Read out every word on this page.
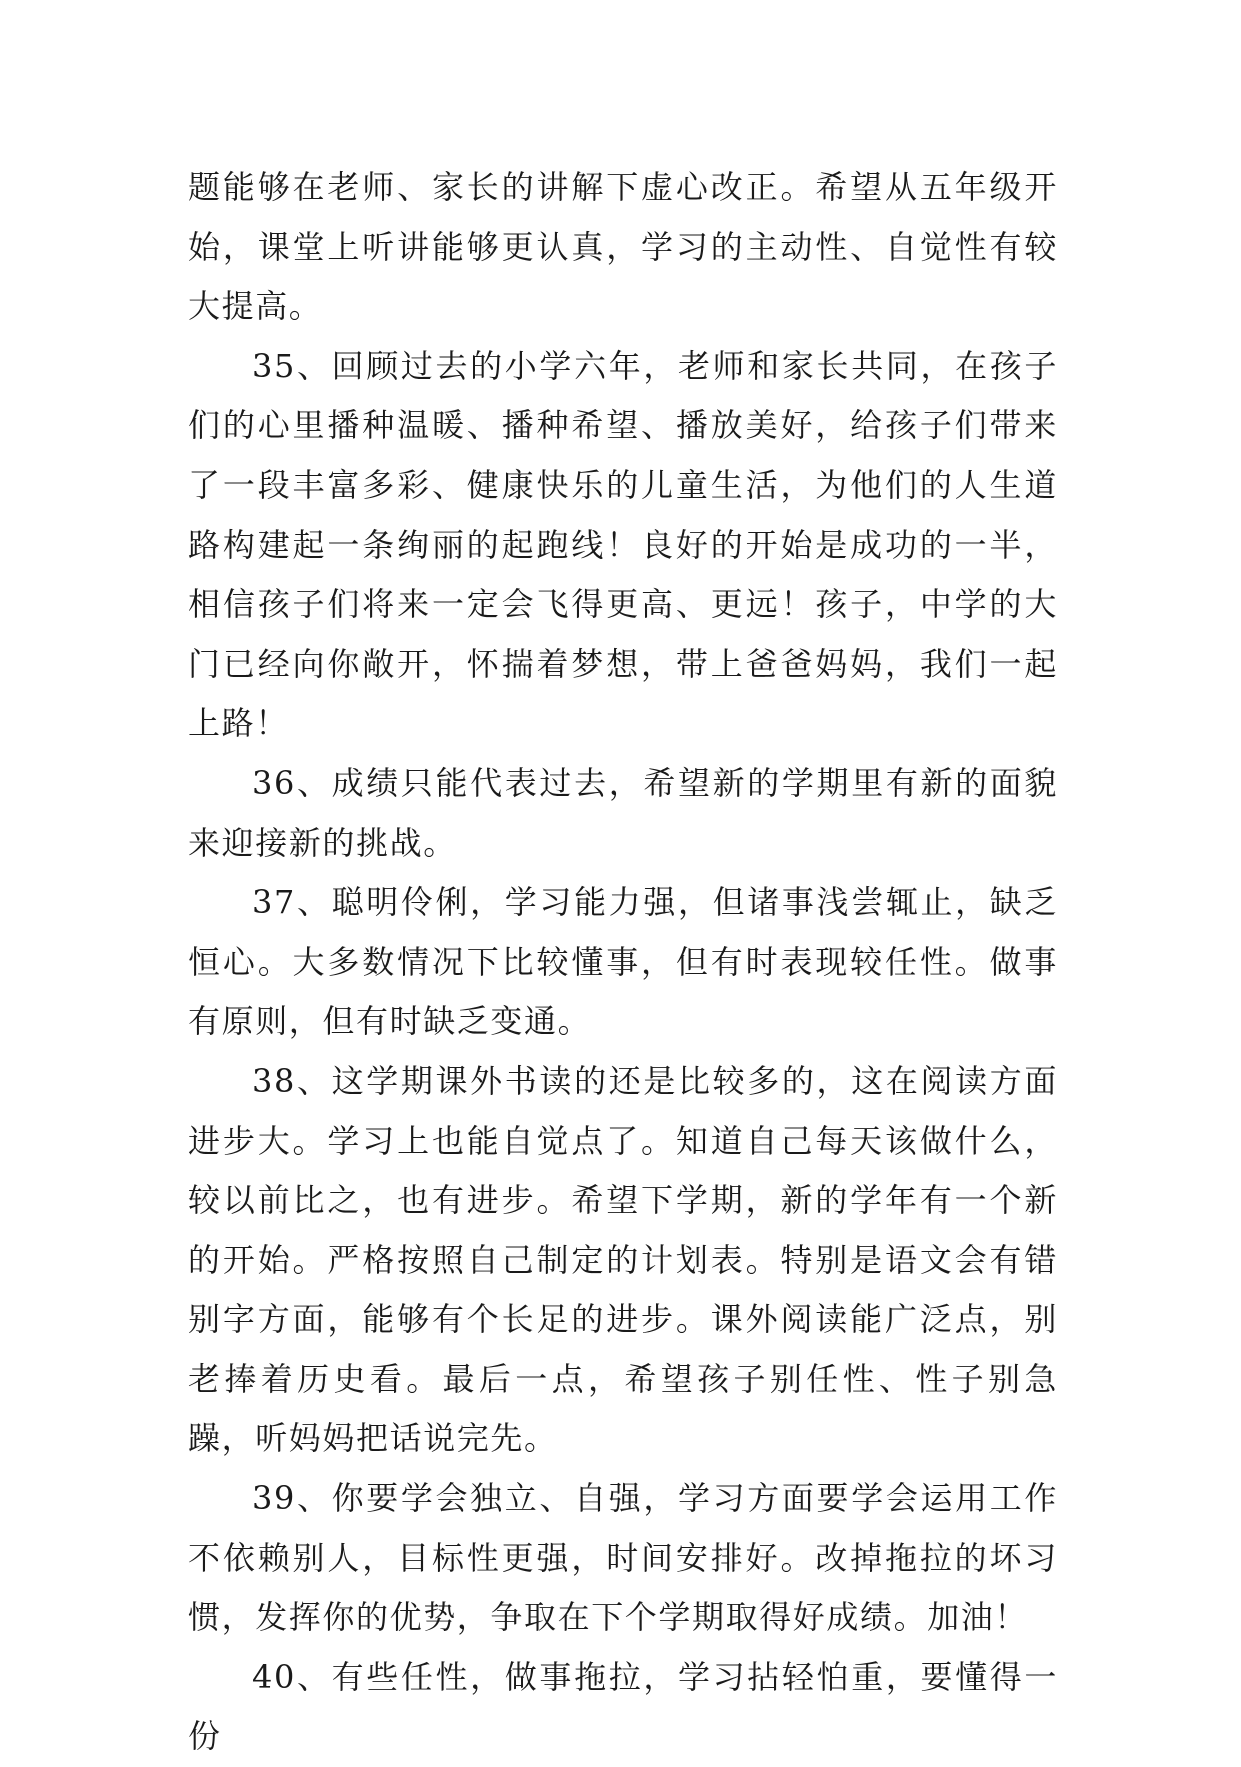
题能够在老师、家长的讲解下虚心改正。希望从五年级开始，课堂上听讲能够更认真，学习的主动性、自觉性有较大提高。

35、回顾过去的小学六年，老师和家长共同，在孩子们的心里播种温暖、播种希望、播放美好，给孩子们带来了一段丰富多彩、健康快乐的儿童生活，为他们的人生道路构建起一条绚丽的起跑线！良好的开始是成功的一半，相信孩子们将来一定会飞得更高、更远！孩子，中学的大门已经向你敞开，怀揣着梦想，带上爸爸妈妈，我们一起上路！

36、成绩只能代表过去，希望新的学期里有新的面貌来迎接新的挑战。

37、聪明伶俐，学习能力强，但诸事浅尝辄止，缺乏恒心。大多数情况下比较懂事，但有时表现较任性。做事有原则，但有时缺乏变通。

38、这学期课外书读的还是比较多的，这在阅读方面进步大。学习上也能自觉点了。知道自己每天该做什么，较以前比之，也有进步。希望下学期，新的学年有一个新的开始。严格按照自己制定的计划表。特别是语文会有错别字方面，能够有个长足的进步。课外阅读能广泛点，别老捧着历史看。最后一点，希望孩子别任性、性子别急躁，听妈妈把话说完先。

39、你要学会独立、自强，学习方面要学会运用工作不依赖别人，目标性更强，时间安排好。改掉拖拉的坏习惯，发挥你的优势，争取在下个学期取得好成绩。加油！

40、有些任性，做事拖拉，学习拈轻怕重，要懂得一份
